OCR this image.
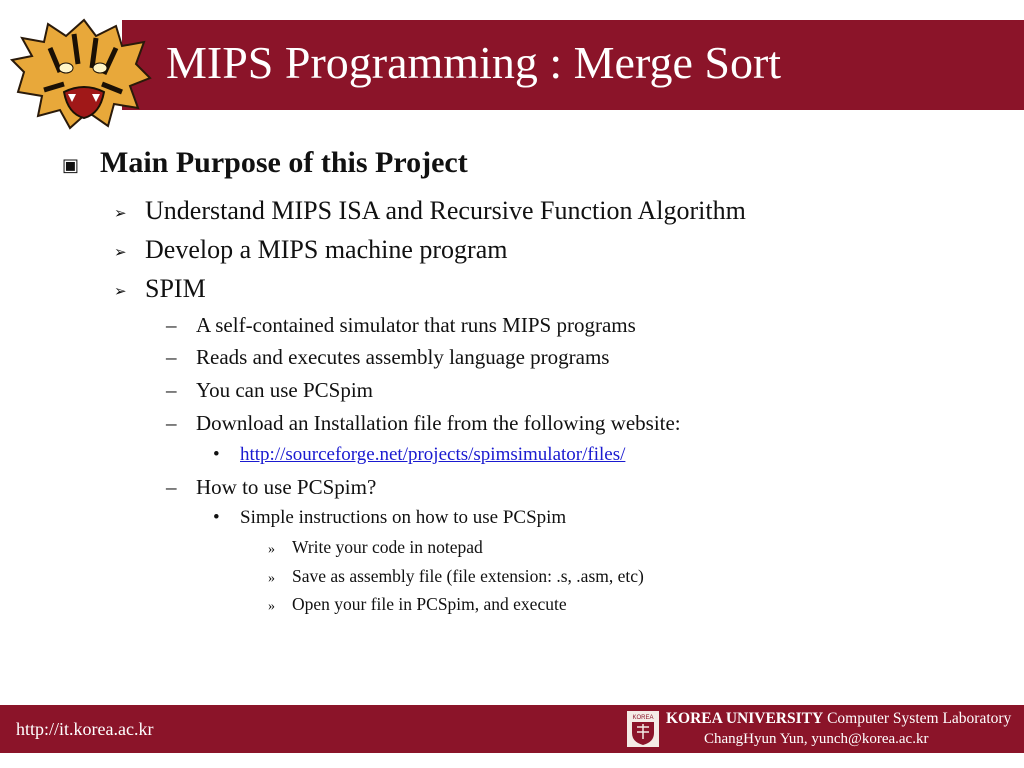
MIPS Programming : Merge Sort
▣ Main Purpose of this Project
➢ Understand MIPS ISA and Recursive Function Algorithm
➢ Develop a MIPS machine program
➢ SPIM
– A self-contained simulator that runs MIPS programs
– Reads and executes assembly language programs
– You can use PCSpim
– Download an Installation file from the following website:
• http://sourceforge.net/projects/spimsimulator/files/
– How to use PCSpim?
• Simple instructions on how to use PCSpim
» Write your code in notepad
» Save as assembly file (file extension: .s, .asm, etc)
» Open your file in PCSpim, and execute
http://it.korea.ac.kr
KOREA KOREA UNIVERSITY Computer System Laboratory
ChangHyun Yun, yunch@korea.ac.kr
